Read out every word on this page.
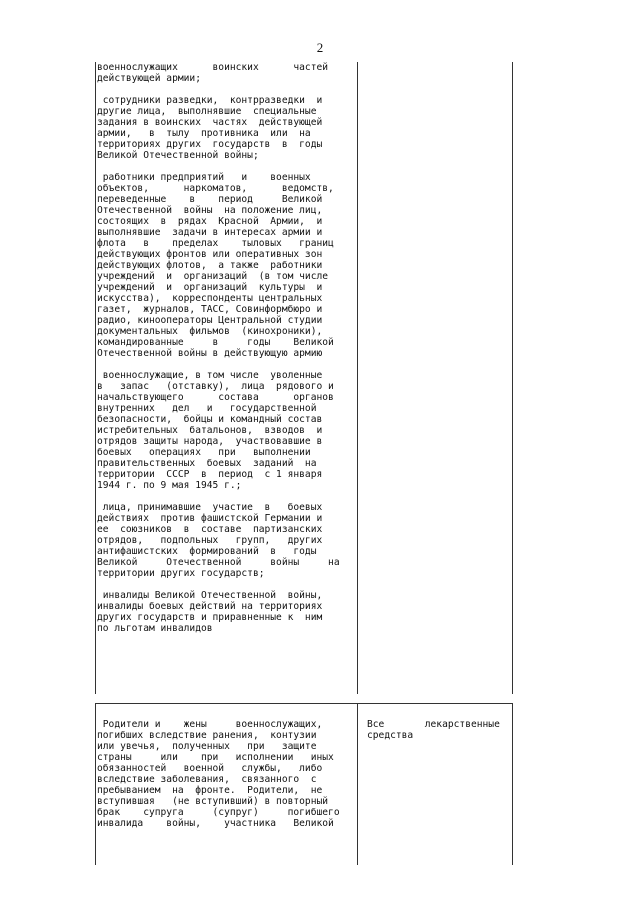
2
военнослужащих      воинских      частей
действующей армии;
сотрудники разведки,  контрразведки  и
другие лица,  выполнявшие  специальные
задания в воинских  частях  действующей
армии,   в  тылу  противника  или  на
территориях других  государств  в  годы
Великой Отечественной войны;
работники предприятий   и    военных
объектов,      наркоматов,      ведомств,
переведенные    в    период     Великой
Отечественной  войны  на положение лиц,
состоящих  в  рядах  Красной  Армии,  и
выполнявшие  задачи в интересах армии и
флота   в    пределах    тыловых   границ
действующих фронтов или оперативных зон
действующих флотов,  а также  работники
учреждений  и  организаций  (в том числе
учреждений  и  организаций  культуры  и
искусства),  корреспонденты центральных
газет,  журналов, ТАСС, Совинформбюро и
радио, кинооператоры Центральной студии
документальных  фильмов  (кинохроники),
командированные     в     годы    Великой
Отечественной войны в действующую армию
военнослужащие, в том числе  уволенные
в   запас   (отставку),  лица  рядового и
начальствующего      состава      органов
внутренних   дел   и   государственной
безопасности,  бойцы и командный состав
истребительных  батальонов,  взводов  и
отрядов защиты народа,  участвовавшие в
боевых   операциях   при   выполнении
правительственных  боевых  заданий  на
территории  СССР  в  период  с 1 января
1944 г. по 9 мая 1945 г.;
лица, принимавшие  участие  в   боевых
действиях  против фашистской Германии и
ее  союзников  в  составе  партизанских
отрядов,   подпольных   групп,   других
антифашистских  формирований  в   годы
Великой     Отечественной     войны     на
территории других государств;
инвалиды Великой Отечественной  войны,
инвалиды боевых действий на территориях
других государств и приравненные к  ним
по льготам инвалидов
Родители и    жены     военнослужащих,
погибших вследствие ранения,  контузии
или увечья,  полученных   при   защите
страны     или    при   исполнении   иных
обязанностей   военной   службы,   либо
вследствие заболевания,  связанного  с
пребыванием  на  фронте.  Родители,  не
вступившая   (не вступивший) в повторный
брак    супруга     (супруг)     погибшего
инвалида    войны,    участника   Великой
Все       лекарственные
средства
